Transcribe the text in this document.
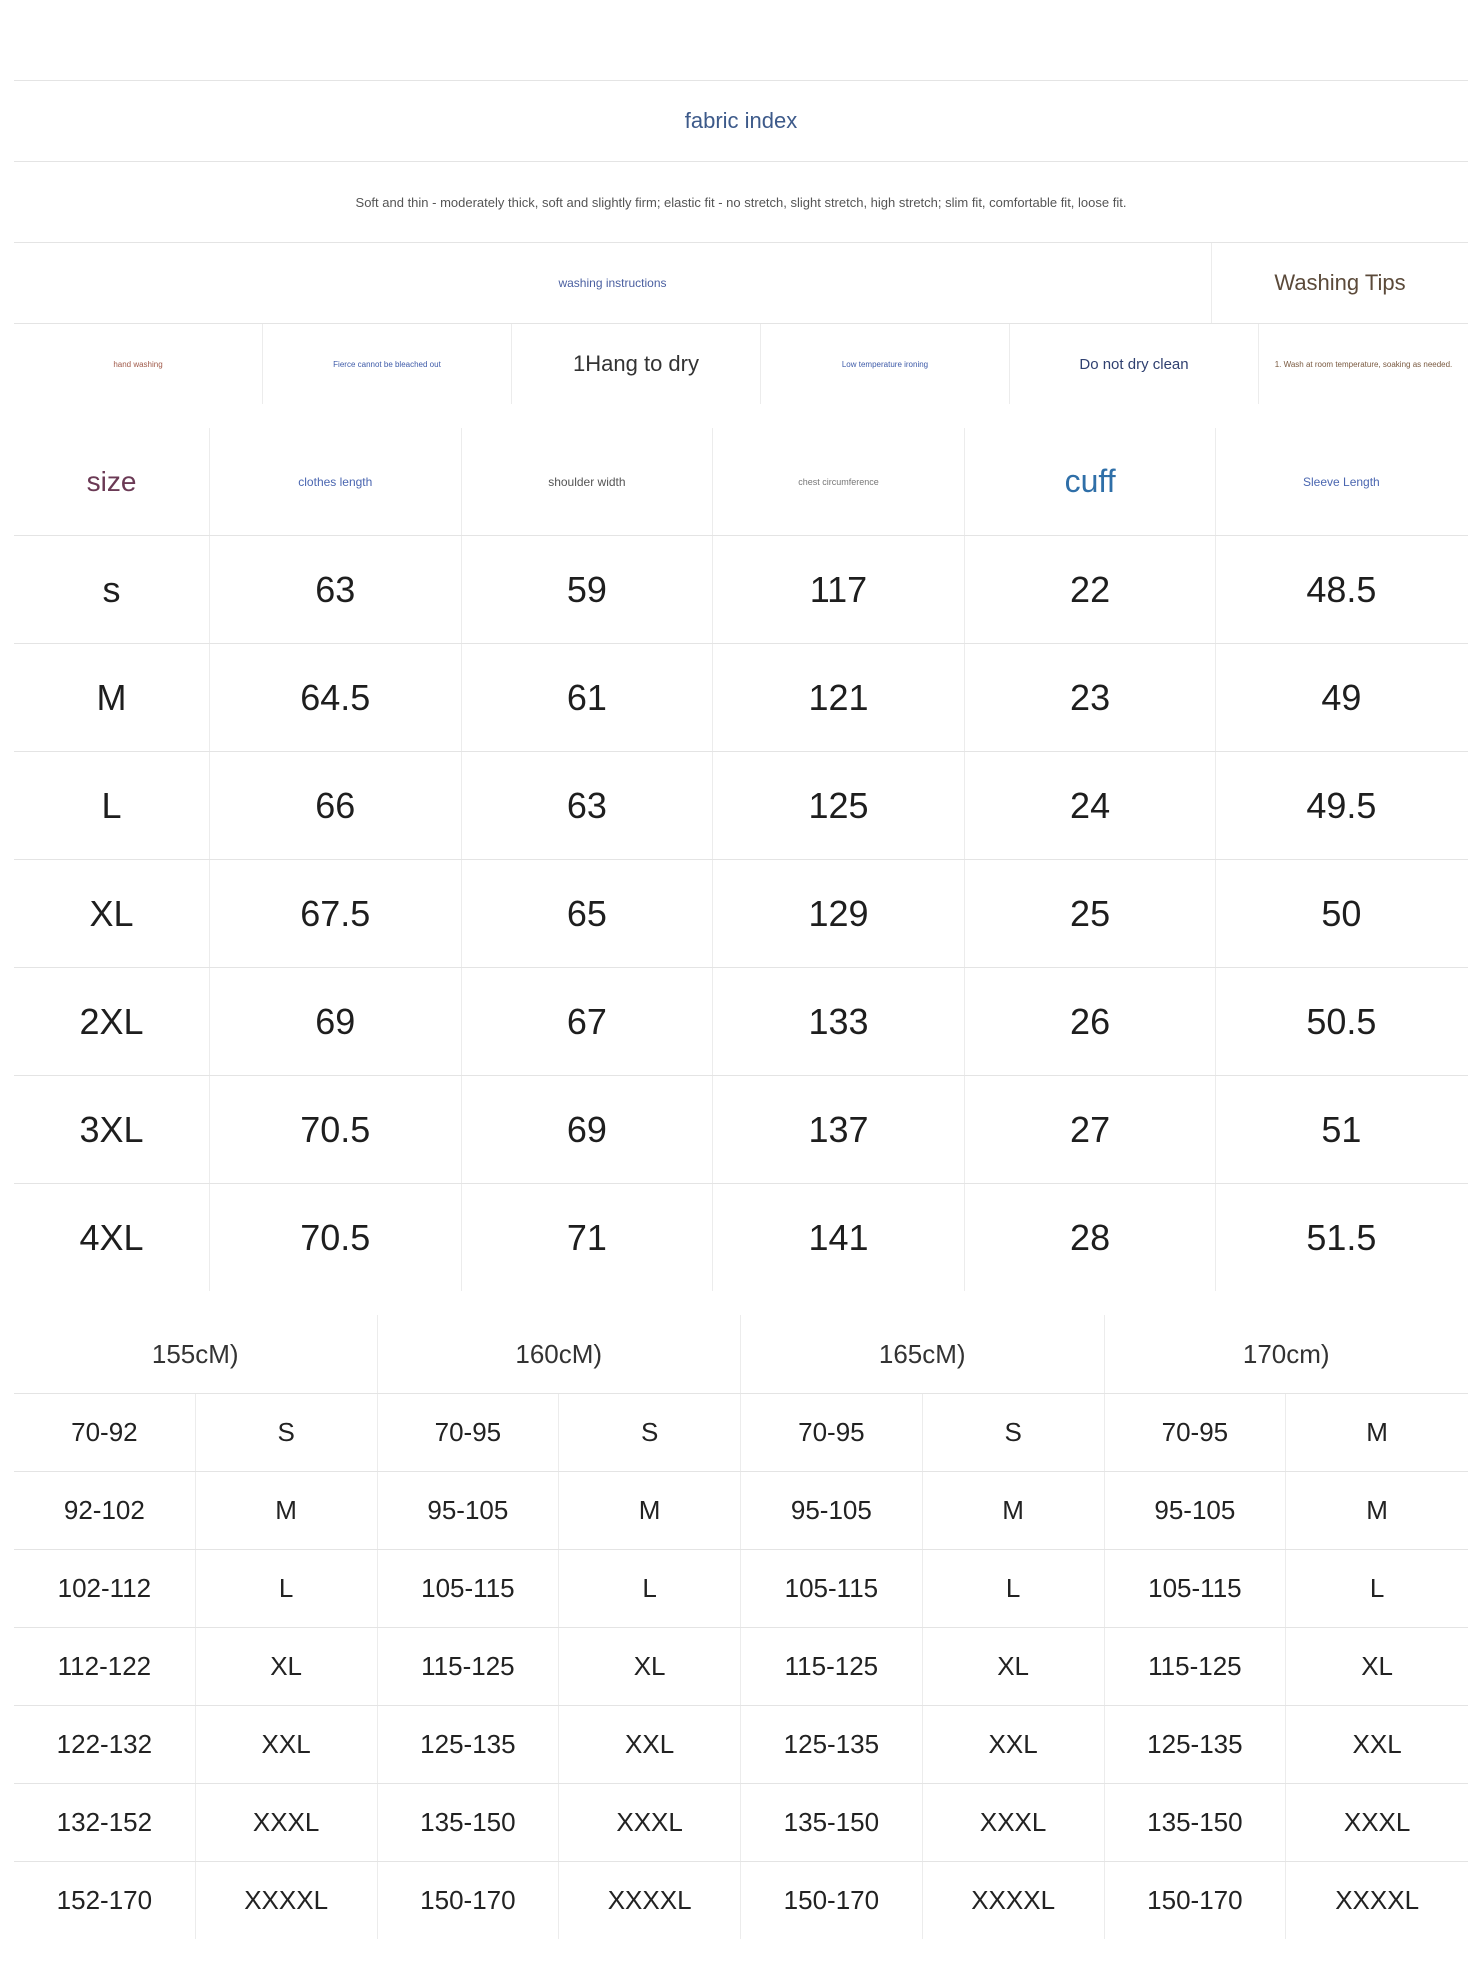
fabric index
Soft and thin - moderately thick, soft and slightly firm; elastic fit - no stretch, slight stretch, high stretch; slim fit, comfortable fit, loose fit.
washing instructions	Washing Tips
hand washing	Fierce cannot be bleached out	1Hang to dry	Low temperature ironing	Do not dry clean	1. Wash at room temperature, soaking as needed.
size	clothes length	shoulder width	chest circumference	cuff	Sleeve Length
s	63	59	117	22	48.5
M	64.5	61	121	23	49
L	66	63	125	24	49.5
XL	67.5	65	129	25	50
2XL	69	67	133	26	50.5
3XL	70.5	69	137	27	51
4XL	70.5	71	141	28	51.5
155cM)	160cM)	165cM)	170cm)
70-92	S	70-95	S	70-95	S	70-95	M
92-102	M	95-105	M	95-105	M	95-105	M
102-112	L	105-115	L	105-115	L	105-115	L
112-122	XL	115-125	XL	115-125	XL	115-125	XL
122-132	XXL	125-135	XXL	125-135	XXL	125-135	XXL
132-152	XXXL	135-150	XXXL	135-150	XXXL	135-150	XXXL
152-170	XXXXL	150-170	XXXXL	150-170	XXXXL	150-170	XXXXL
